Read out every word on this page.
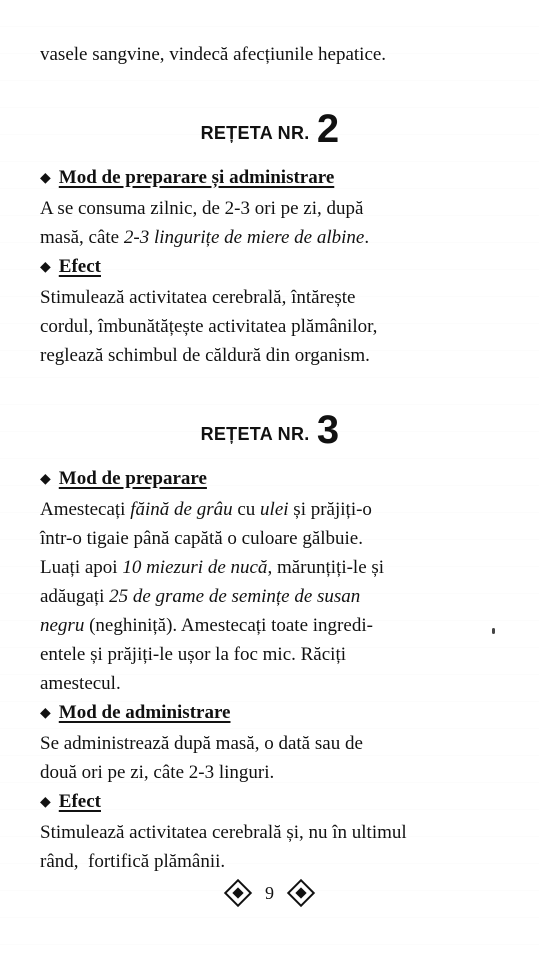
vasele sangvine, vindecă afecțiunile hepatice.

REȚETA NR. 2

◆ Mod de preparare și administrare

A se consuma zilnic, de 2-3 ori pe zi, după

masă, câte 2-3 lingurițe de miere de albine.

◆ Efect

Stimulează activitatea cerebrală, întărește

cordul, îmbunătățește activitatea plămânilor,

reglează schimbul de căldură din organism.

REȚETA NR. 3

◆ Mod de preparare

Amestecați făină de grâu cu ulei și prăjiți-o

într-o tigaie până capătă o culoare gălbuie.

Luați apoi 10 miezuri de nucă, mărunțiți-le și

adăugați 25 de grame de semințe de susan

negru (neghiniță). Amestecați toate ingredi-

entele și prăjiți-le ușor la foc mic. Răciți

amestecul.

◆ Mod de administrare

Se administrează după masă, o dată sau de

două ori pe zi, câte 2-3 linguri.

◆ Efect

Stimulează activitatea cerebrală și, nu în ultimul

rând,  fortifică plămânii.

9
